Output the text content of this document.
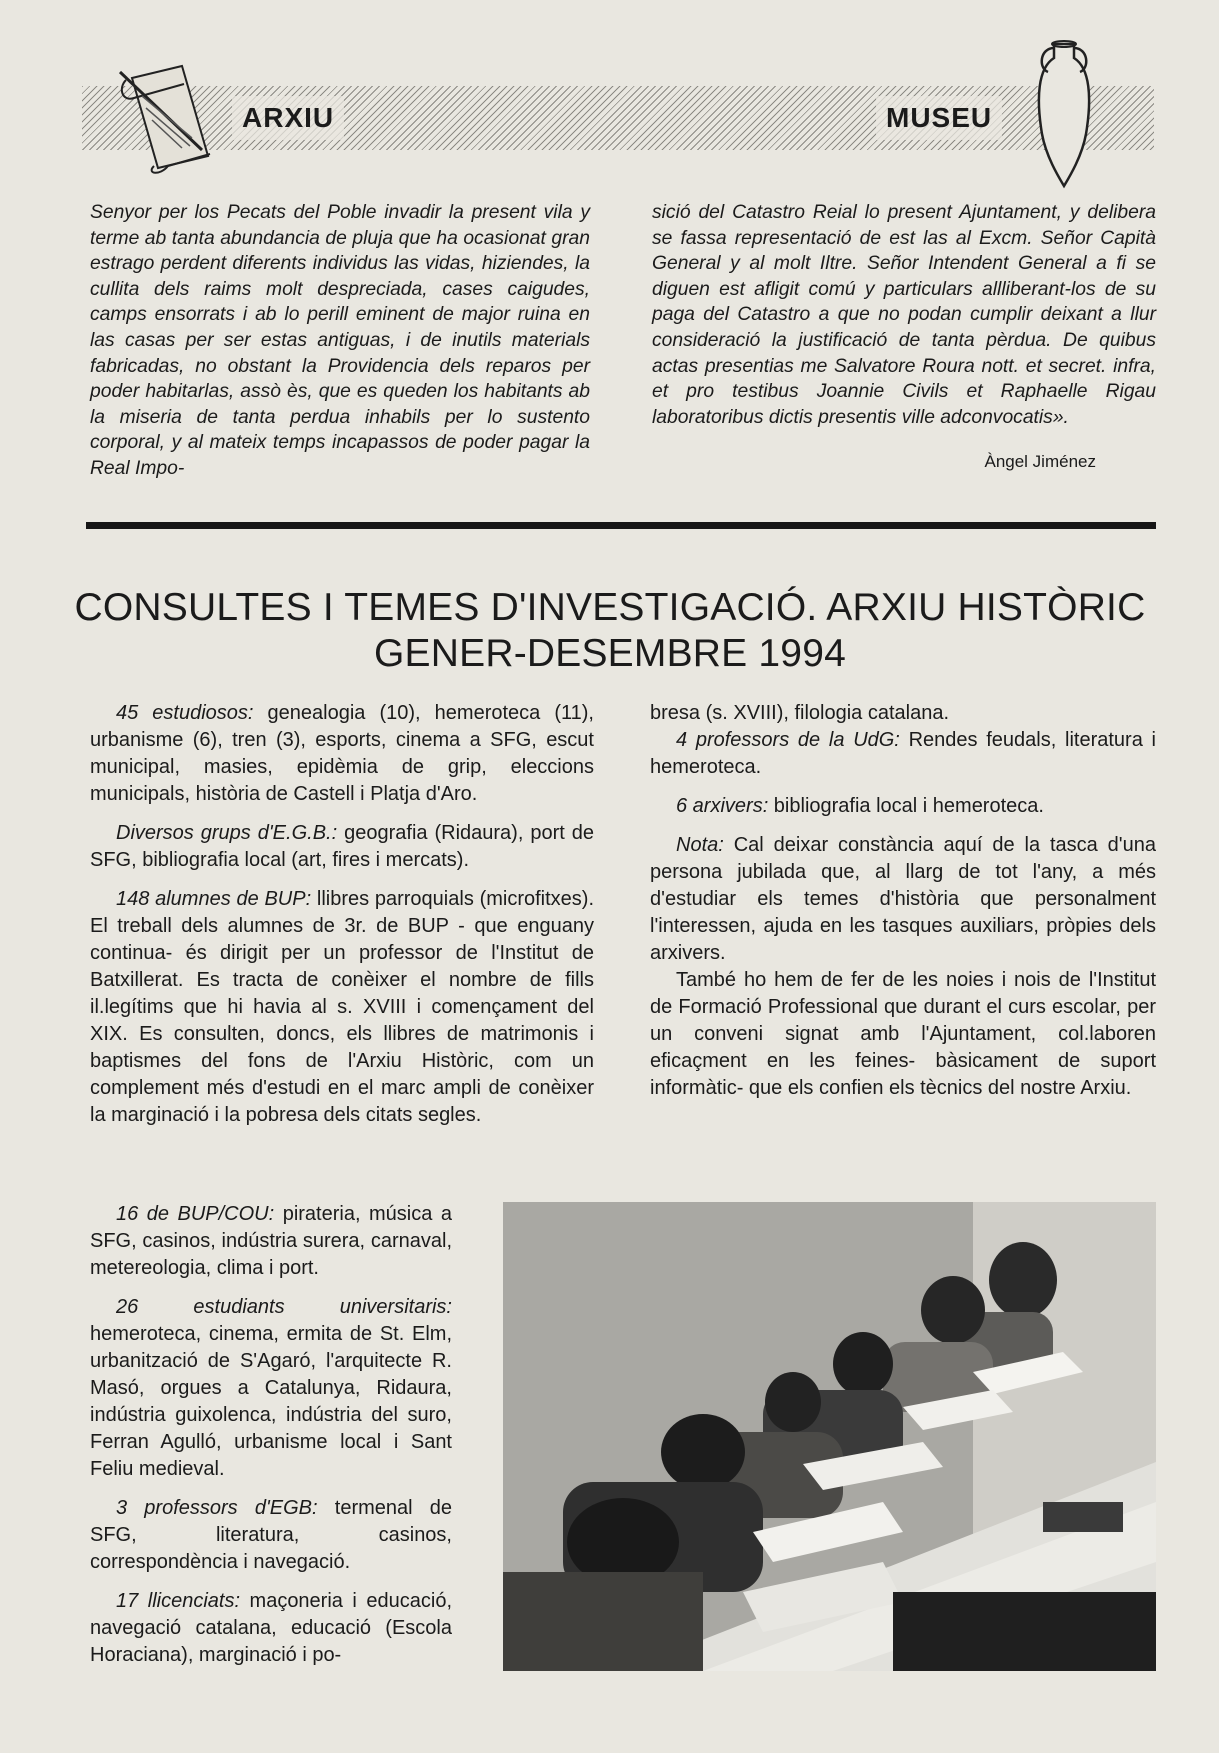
ARXIU	MUSEU

Senyor per los Pecats del Poble invadir la present vila y terme ab tanta abundancia de pluja que ha ocasionat gran estrago perdent diferents individus las vidas, hiziendes, la cullita dels raims molt despreciada, cases caigudes, camps ensorrats i ab lo perill eminent de major ruina en las casas per ser estas antiguas, i de inutils materials fabricadas, no obstant la Providencia dels reparos per poder habitarlas, assò ès, que es queden los habitants ab la miseria de tanta perdua inhabils per lo sustento corporal, y al mateix temps incapassos de poder pagar la Real Impo-

sició del Catastro Reial lo present Ajuntament, y delibera se fassa representació de est las al Excm. Señor Capità General y al molt Iltre. Señor Intendent General a fi se diguen est afligit comú y particulars allliberant-los de su paga del Catastro a que no podan cumplir deixant a llur consideració la justificació de tanta pèrdua. De quibus actas presentias me Salvatore Roura nott. et secret. infra, et pro testibus Joannie Civils et Raphaelle Rigau laboratoribus dictis presentis ville adconvocatis».

Àngel Jiménez
CONSULTES I TEMES D'INVESTIGACIÓ. ARXIU HISTÒRIC
GENER-DESEMBRE 1994

45 estudiosos: genealogia (10), hemeroteca (11), urbanisme (6), tren (3), esports, cinema a SFG, escut municipal, masies, epidèmia de grip, eleccions municipals, història de Castell i Platja d'Aro.

Diversos grups d'E.G.B.: geografia (Ridaura), port de SFG, bibliografia local (art, fires i mercats).

148 alumnes de BUP: llibres parroquials (microfitxes). El treball dels alumnes de 3r. de BUP - que enguany continua- és dirigit per un professor de l'Institut de Batxillerat. Es tracta de conèixer el nombre de fills il.legítims que hi havia al s. XVIII i començament del XIX. Es consulten, doncs, els llibres de matrimonis i baptismes del fons de l'Arxiu Històric, com un complement més d'estudi en el marc ampli de conèixer la marginació i la pobresa dels citats segles.

16 de BUP/COU: pirateria, música a SFG, casinos, indústria surera, carnaval, metereologia, clima i port.

26 estudiants universitaris: hemeroteca, cinema, ermita de St. Elm, urbanització de S'Agaró, l'arquitecte R. Masó, orgues a Catalunya, Ridaura, indústria guixolenca, indústria del suro, Ferran Agulló, urbanisme local i Sant Feliu medieval.

3 professors d'EGB: termenal de SFG, literatura, casinos, correspondència i navegació.

17 llicenciats: maçoneria i educació, navegació catalana, educació (Escola Horaciana), marginació i po-

bresa (s. XVIII), filologia catalana.

4 professors de la UdG: Rendes feudals, literatura i hemeroteca.

6 arxivers: bibliografia local i hemeroteca.

Nota: Cal deixar constància aquí de la tasca d'una persona jubilada que, al llarg de tot l'any, a més d'estudiar els temes d'història que personalment l'interessen, ajuda en les tasques auxiliars, pròpies dels arxivers.

També ho hem de fer de les noies i nois de l'Institut de Formació Professional que durant el curs escolar, per un conveni signat amb l'Ajuntament, col.laboren eficaçment en les feines- bàsicament de suport informàtic- que els confien els tècnics del nostre Arxiu.
